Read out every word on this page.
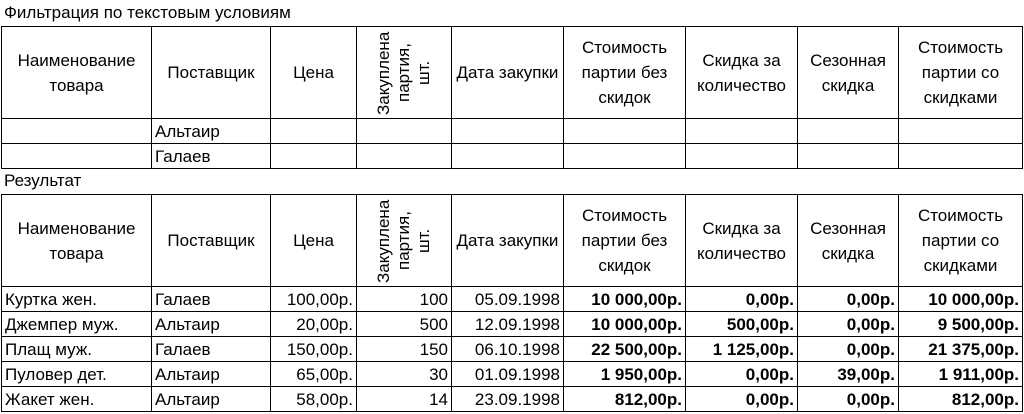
Фильтрация по текстовым условиям
Наименование товара	Поставщик	Цена	Закуплена партия, шт.	Дата закупки	Стоимость партии без скидок	Скидка за количество	Сезонная скидка	Стоимость партии со скидками
	Альтаир							
	Галаев							
Результат
Наименование товара	Поставщик	Цена	Закуплена партия, шт.	Дата закупки	Стоимость партии без скидок	Скидка за количество	Сезонная скидка	Стоимость партии со скидками
Куртка жен.	Галаев	100,00р.	100	05.09.1998	10 000,00р.	0,00р.	0,00р.	10 000,00р.
Джемпер муж.	Альтаир	20,00р.	500	12.09.1998	10 000,00р.	500,00р.	0,00р.	9 500,00р.
Плащ муж.	Галаев	150,00р.	150	06.10.1998	22 500,00р.	1 125,00р.	0,00р.	21 375,00р.
Пуловер дет.	Альтаир	65,00р.	30	01.09.1998	1 950,00р.	0,00р.	39,00р.	1 911,00р.
Жакет жен.	Альтаир	58,00р.	14	23.09.1998	812,00р.	0,00р.	0,00р.	812,00р.
